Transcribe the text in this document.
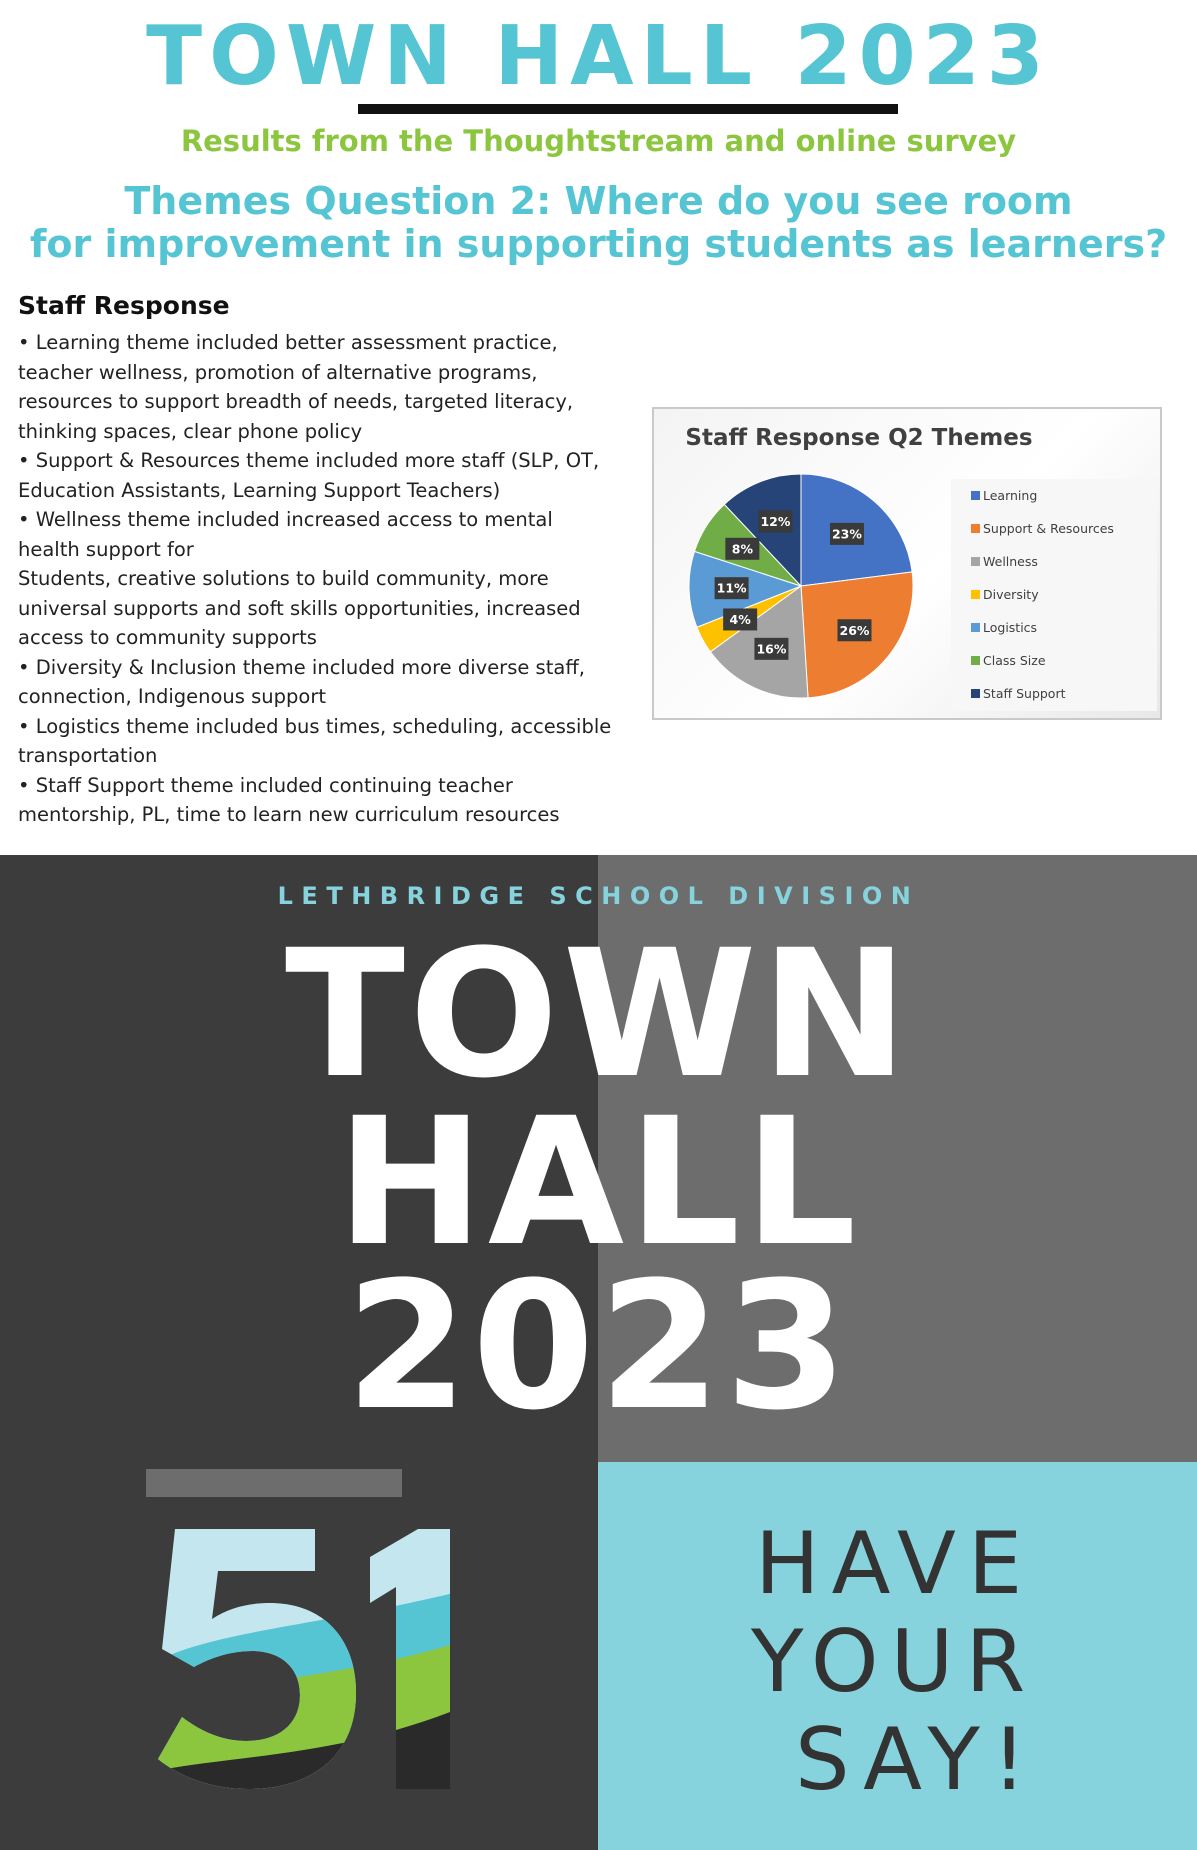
TOWN HALL 2023

Results from the Thoughtstream and online survey

Themes Question 2: Where do you see room
for improvement in supporting students as learners?
Staff Response
• Learning theme included better assessment practice,
teacher wellness, promotion of alternative programs,
resources to support breadth of needs, targeted literacy,
thinking spaces, clear phone policy
• Support & Resources theme included more staff (SLP, OT,
Education Assistants, Learning Support Teachers)
• Wellness theme included increased access to mental
health support for
Students, creative solutions to build community, more
universal supports and soft skills opportunities, increased
access to community supports
• Diversity & Inclusion theme included more diverse staff,
connection, Indigenous support
• Logistics theme included bus times, scheduling, accessible
transportation
• Staff Support theme included continuing teacher
mentorship, PL, time to learn new curriculum resources
Staff Response Q2 Themes
23%
26%
16%
4%
11%
8%
12%
Learning
Support & Resources
Wellness
Diversity
Logistics
Class Size
Staff Support

LETHBRIDGE SCHOOL DIVISION

TOWN

HALL

2023

51
HAVE
YOUR
SAY!
